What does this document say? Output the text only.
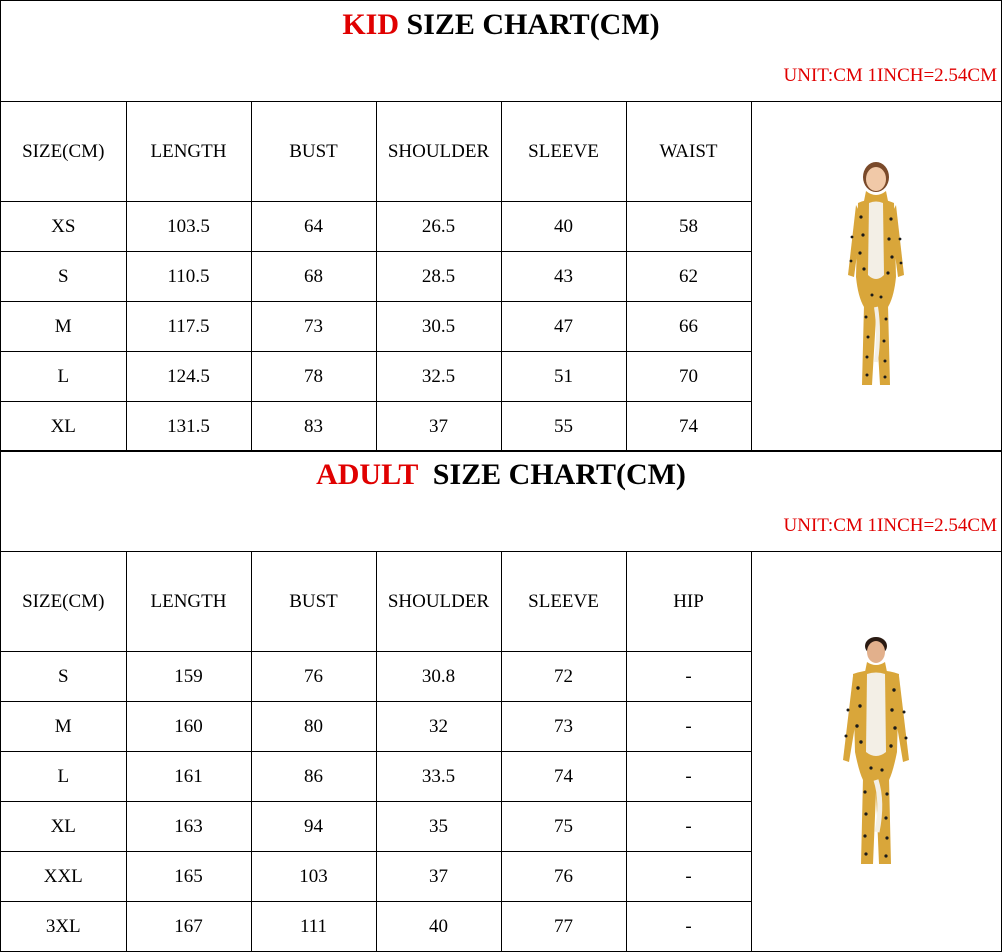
KID SIZE CHART(CM)
UNIT:CM 1INCH=2.54CM
SIZE(CM)	LENGTH	BUST	SHOULDER	SLEEVE	WAIST	

XS	103.5	64	26.5	40	58	
S	110.5	68	28.5	43	62	
M	117.5	73	30.5	47	66	
L	124.5	78	32.5	51	70	
XL	131.5	83	37	55	74	
ADULT  SIZE CHART(CM)
UNIT:CM 1INCH=2.54CM
SIZE(CM)	LENGTH	BUST	SHOULDER	SLEEVE	HIP	

S	159	76	30.8	72	-	
M	160	80	32	73	-	
L	161	86	33.5	74	-	
XL	163	94	35	75	-	
XXL	165	103	37	76	-	
3XL	167	111	40	77	-	
